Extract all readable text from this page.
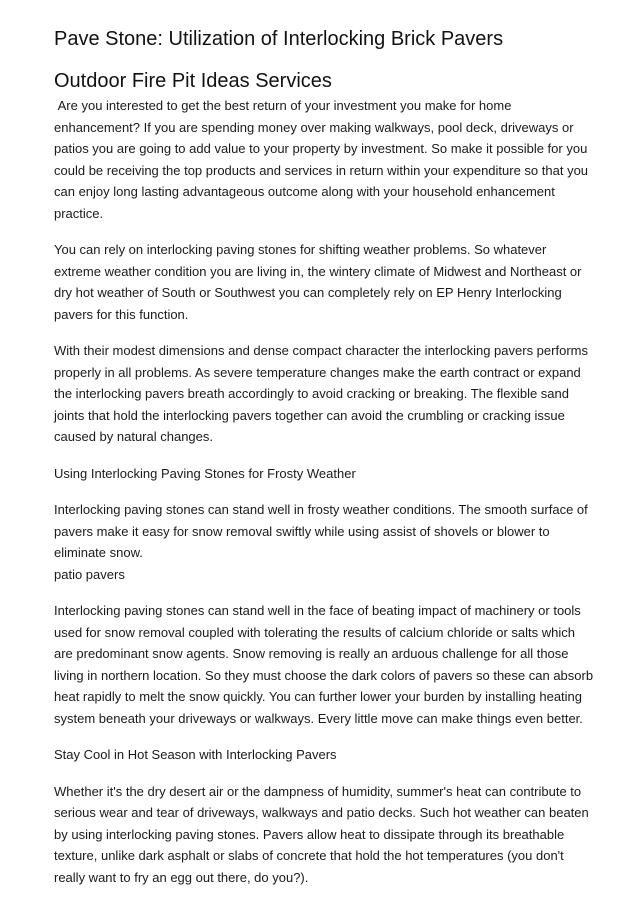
Pave Stone: Utilization of Interlocking Brick Pavers
Outdoor Fire Pit Ideas Services

Are you interested to get the best return of your investment you make for home enhancement? If you are spending money over making walkways, pool deck, driveways or patios you are going to add value to your property by investment. So make it possible for you could be receiving the top products and services in return within your expenditure so that you can enjoy long lasting advantageous outcome along with your household enhancement practice.

You can rely on interlocking paving stones for shifting weather problems. So whatever extreme weather condition you are living in, the wintery climate of Midwest and Northeast or dry hot weather of South or Southwest you can completely rely on EP Henry Interlocking pavers for this function.

With their modest dimensions and dense compact character the interlocking pavers performs properly in all problems. As severe temperature changes make the earth contract or expand the interlocking pavers breath accordingly to avoid cracking or breaking. The flexible sand joints that hold the interlocking pavers together can avoid the crumbling or cracking issue caused by natural changes.

Using Interlocking Paving Stones for Frosty Weather

Interlocking paving stones can stand well in frosty weather conditions. The smooth surface of pavers make it easy for snow removal swiftly while using assist of shovels or blower to eliminate snow.
patio pavers

Interlocking paving stones can stand well in the face of beating impact of machinery or tools used for snow removal coupled with tolerating the results of calcium chloride or salts which are predominant snow agents. Snow removing is really an arduous challenge for all those living in northern location. So they must choose the dark colors of pavers so these can absorb heat rapidly to melt the snow quickly. You can further lower your burden by installing heating system beneath your driveways or walkways. Every little move can make things even better.

Stay Cool in Hot Season with Interlocking Pavers

Whether it's the dry desert air or the dampness of humidity, summer's heat can contribute to serious wear and tear of driveways, walkways and patio decks. Such hot weather can beaten by using interlocking paving stones. Pavers allow heat to dissipate through its breathable texture, unlike dark asphalt or slabs of concrete that hold the hot temperatures (you don't really want to fry an egg out there, do you?).
